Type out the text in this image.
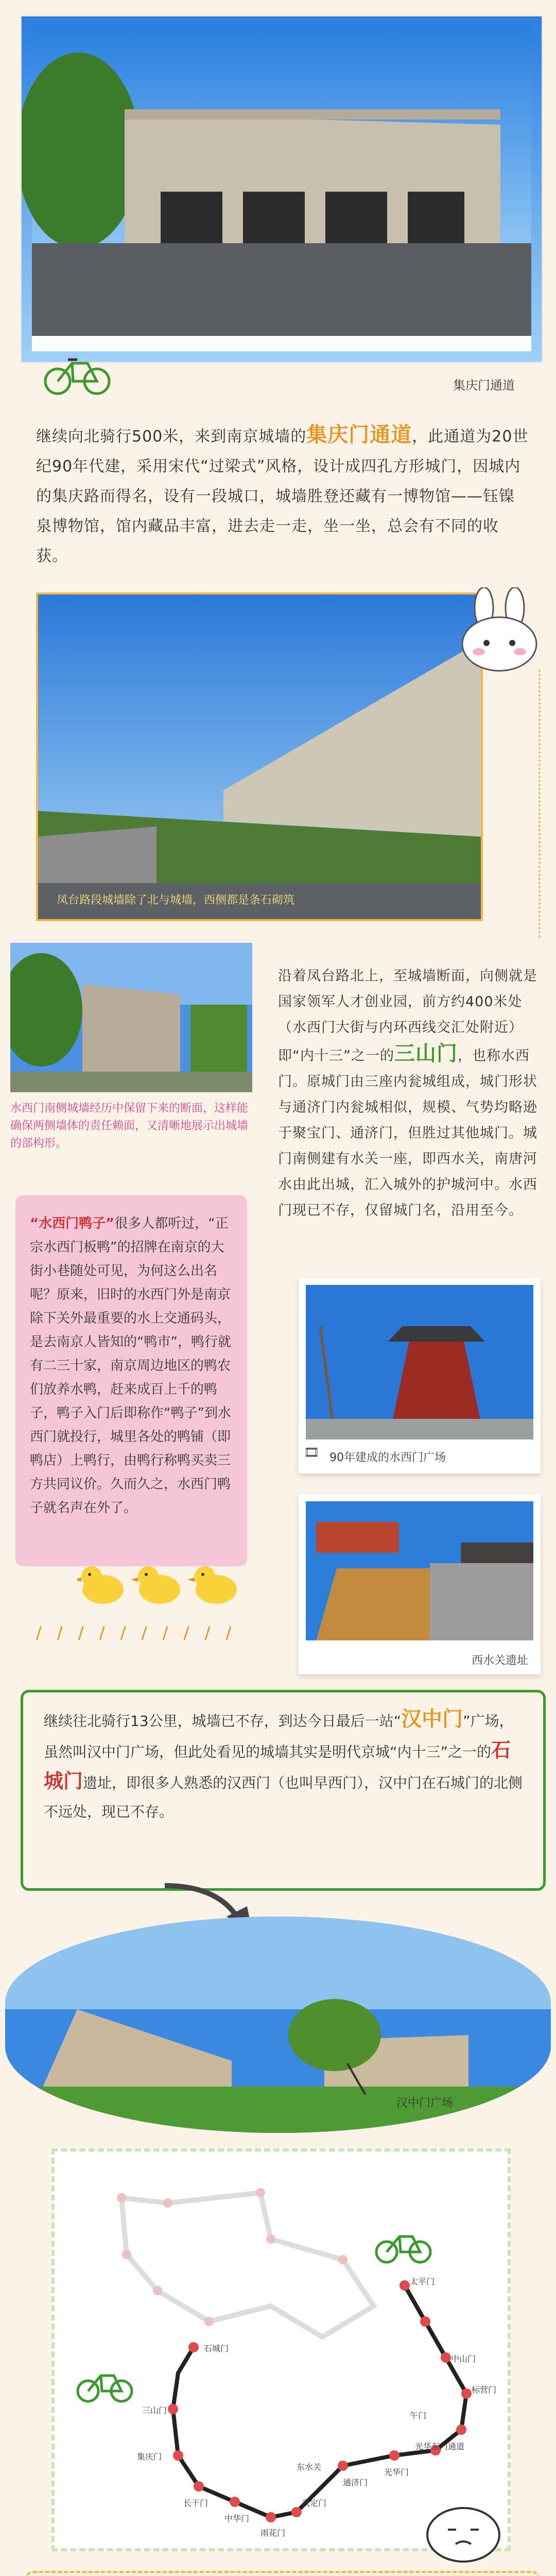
集庆门通道
继续向北骑行500米，来到南京城墙的集庆门通道，此通道为20世纪90年代建，采用宋代“过梁式”风格，设计成四孔方形城门，因城内的集庆路而得名，设有一段城口，城墙胜登还藏有一博物馆——钰镍泉博物馆，馆内藏品丰富，进去走一走，坐一坐，总会有不同的收获。
凤台路段城墙除了北与城墙，西侧都是条石砌筑
水西门南侧城墙经历中保留下来的断面，这样能确保两侧墙体的责任赖面，又清晰地展示出城墙的部构形。
沿着凤台路北上，至城墙断面，向侧就是国家领军人才创业园，前方约400米处（水西门大街与内环西线交汇处附近）即“内十三”之一的三山门，也称水西门。原城门由三座内瓮城组成，城门形状与通济门内瓮城相似，规模、气势均略逊于聚宝门、通济门，但胜过其他城门。城门南侧建有水关一座，即西水关，南唐河水由此出城，汇入城外的护城河中。水西门现已不存，仅留城门名，沿用至今。
“水西门鸭子”很多人都听过，“正宗水西门板鸭”的招牌在南京的大街小巷随处可见，为何这么出名呢？原来，旧时的水西门外是南京除下关外最重要的水上交通码头，是去南京人皆知的“鸭市”，鸭行就有二三十家，南京周边地区的鸭农们放养水鸭，赶来成百上千的鸭子，鸭子入门后即称作“鸭子”到水西门就投行，城里各处的鸭铺（即鸭店）上鸭行，由鸭行称鸭买卖三方共同议价。久而久之，水西门鸭子就名声在外了。
🎞 90年建成的水西门广场
西水关遗址
/ / / / / / / / / /
继续往北骑行13公里，城墙已不存，到达今日最后一站“汉中门”广场，虽然叫汉中门广场，但此处看见的城墙其实是明代京城“内十三”之一的石城门遗址，即很多人熟悉的汉西门（也叫早西门），汉中门在石城门的北侧不远处，现已不存。
汉中门广场
石城门
三山门
集庆门
长干门
中华门
雨花门
武定门
通济门
东水关
光华门
光华东门通道
午门
标营门
中山门
太平门
